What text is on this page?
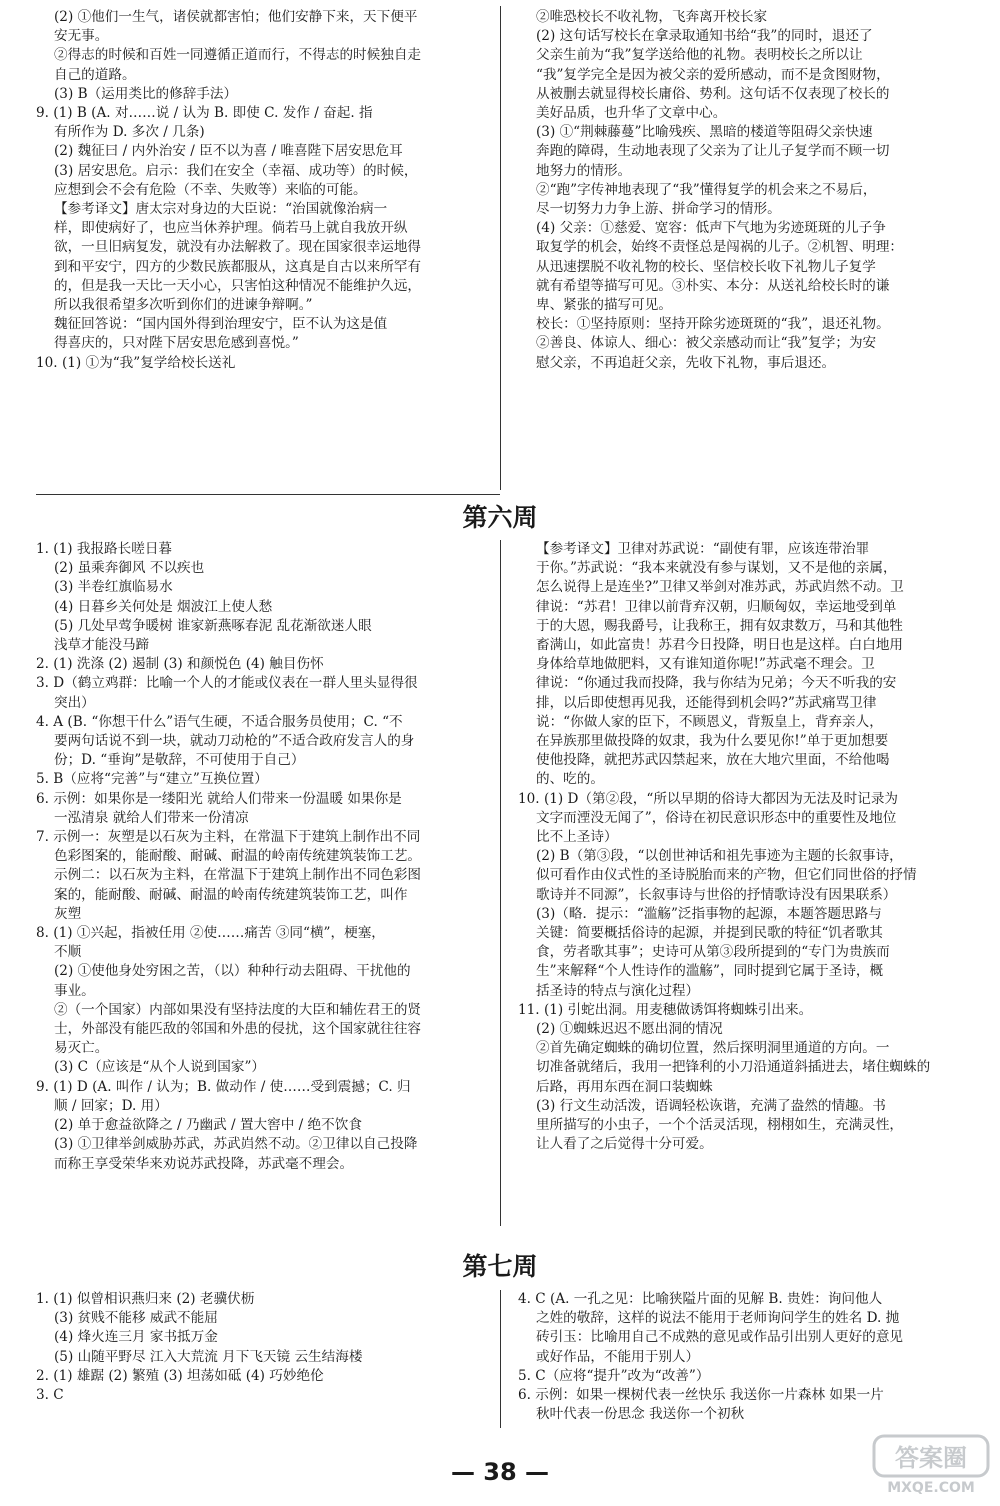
(2) ①他们一生气，诸侯就都害怕；他们安静下来，天下便平

安无事。

②得志的时候和百姓一同遵循正道而行，不得志的时候独自走

自己的道路。

(3) B（运用类比的修辞手法）

9. (1) B (A. 对……说 / 认为 B. 即使 C. 发作 / 奋起. 指

有所作为 D. 多次 / 几条)

(2) 魏征曰 / 内外治安 / 臣不以为喜 / 唯喜陛下居安思危耳

(3) 居安思危。启示：我们在安全（幸福、成功等）的时候，

应想到会不会有危险（不幸、失败等）来临的可能。

【参考译文】唐太宗对身边的大臣说：“治国就像治病一

样，即使病好了，也应当休养护理。倘若马上就自我放开纵

欲，一旦旧病复发，就没有办法解救了。现在国家很幸运地得

到和平安宁，四方的少数民族都服从，这真是自古以来所罕有

的，但是我一天比一天小心，只害怕这种情况不能维护久远，

所以我很希望多次听到你们的进谏争辩啊。”

魏征回答说：“国内国外得到治理安宁，臣不认为这是值

得喜庆的，只对陛下居安思危感到喜悦。”

10. (1) ①为“我”复学给校长送礼

②唯恐校长不收礼物，飞奔离开校长家

(2) 这句话写校长在拿录取通知书给“我”的同时，退还了

父亲生前为“我”复学送给他的礼物。表明校长之所以让

“我”复学完全是因为被父亲的爱所感动，而不是贪图财物，

从被删去就显得校长庸俗、势利。这句话不仅表现了校长的

美好品质，也升华了文章中心。

(3) ①“荆棘藤蔓”比喻残疾、黑暗的楼道等阻碍父亲快速

奔跑的障碍，生动地表现了父亲为了让儿子复学而不顾一切

地努力的情形。

②“跑”字传神地表现了“我”懂得复学的机会来之不易后，

尽一切努力力争上游、拼命学习的情形。

(4) 父亲：①慈爱、宽容：低声下气地为劣迹斑斑的儿子争

取复学的机会，始终不责怪总是闯祸的儿子。②机智、明理：

从迅速摆脱不收礼物的校长、坚信校长收下礼物儿子复学

就有希望等描写可见。③朴实、本分：从送礼给校长时的谦

卑、紧张的描写可见。

校长：①坚持原则：坚持开除劣迹斑斑的“我”，退还礼物。

②善良、体谅人、细心：被父亲感动而让“我”复学；为安

慰父亲，不再追赶父亲，先收下礼物，事后退还。

第六周

1. (1) 我报路长嗟日暮

(2) 虽乘奔御风 不以疾也

(3) 半卷红旗临易水

(4) 日暮乡关何处是 烟波江上使人愁

(5) 几处早莺争暖树 谁家新燕啄春泥 乱花渐欲迷人眼

浅草才能没马蹄

2. (1) 洗涤 (2) 遏制 (3) 和颜悦色 (4) 触目伤怀

3. D（鹤立鸡群：比喻一个人的才能或仪表在一群人里头显得很

突出）

4. A (B. “你想干什么”语气生硬，不适合服务员使用；C. “不

要两句话说不到一块，就动刀动枪的”不适合政府发言人的身

份；D. “垂询”是敬辞，不可使用于自己）

5. B（应将“完善”与“建立”互换位置）

6. 示例：如果你是一缕阳光 就给人们带来一份温暖 如果你是

一泓清泉 就给人们带来一份清凉

7. 示例一：灰塑是以石灰为主料，在常温下于建筑上制作出不同

色彩图案的，能耐酸、耐碱、耐温的岭南传统建筑装饰工艺。

示例二：以石灰为主料，在常温下于建筑上制作出不同色彩图

案的，能耐酸、耐碱、耐温的岭南传统建筑装饰工艺，叫作

灰塑

8. (1) ①兴起，指被任用 ②使……痛苦 ③同“横”，梗塞，

不顺

(2) ①使他身处穷困之苦，（以）种种行动去阻碍、干扰他的

事业。

②（一个国家）内部如果没有坚持法度的大臣和辅佐君王的贤

士，外部没有能匹敌的邻国和外患的侵扰，这个国家就往往容

易灭亡。

(3) C（应该是“从个人说到国家”）

9. (1) D (A. 叫作 / 认为；B. 做动作 / 使……受到震撼；C. 归

顺 / 回家；D. 用）

(2) 单于愈益欲降之 / 乃幽武 / 置大窖中 / 绝不饮食

(3) ①卫律举剑威胁苏武，苏武岿然不动。②卫律以自己投降

而称王享受荣华来劝说苏武投降，苏武毫不理会。

【参考译文】卫律对苏武说：“副使有罪，应该连带治罪

于你。”苏武说：“我本来就没有参与谋划，又不是他的亲属，

怎么说得上是连坐?”卫律又举剑对准苏武，苏武岿然不动。卫

律说：“苏君！卫律以前背弃汉朝，归顺匈奴，幸运地受到单

于的大恩，赐我爵号，让我称王，拥有奴隶数万，马和其他牲

畜满山，如此富贵！苏君今日投降，明日也是这样。白白地用

身体给草地做肥料，又有谁知道你呢!”苏武毫不理会。卫

律说：“你通过我而投降，我与你结为兄弟；今天不听我的安

排，以后即使想再见我，还能得到机会吗?”苏武痛骂卫律

说：“你做人家的臣下，不顾恩义，背叛皇上，背弃亲人，

在异族那里做投降的奴隶，我为什么要见你!”单于更加想要

使他投降，就把苏武囚禁起来，放在大地穴里面，不给他喝

的、吃的。

10. (1) D（第②段，“所以早期的俗诗大都因为无法及时记录为

文字而湮没无闻了”，俗诗在初民意识形态中的重要性及地位

比不上圣诗）

(2) B（第③段，“以创世神话和祖先事迹为主题的长叙事诗，

似可看作由仪式性的圣诗脱胎而来的产物，但它们同世俗的抒情

歌诗并不同源”，长叙事诗与世俗的抒情歌诗没有因果联系）

(3)（略．提示：“滥觞”泛指事物的起源，本题答题思路与

关键：简要概括俗诗的起源，并提到民歌的特征“饥者歌其

食，劳者歌其事”；史诗可从第③段所提到的“专门为贵族而

生”来解释“个人性诗作的滥觞”，同时提到它属于圣诗，概

括圣诗的特点与演化过程）

11. (1) 引蛇出洞。用麦穗做诱饵将蜘蛛引出来。

(2) ①蜘蛛迟迟不愿出洞的情况

②首先确定蜘蛛的确切位置，然后探明洞里通道的方向。一

切准备就绪后，我用一把锋利的小刀沿通道斜插进去，堵住蜘蛛的

后路，再用东西在洞口装蜘蛛

(3) 行文生动活泼，语调轻松诙谐，充满了盎然的情趣。书

里所描写的小虫子，一个个活灵活现，栩栩如生，充满灵性，

让人看了之后觉得十分可爱。

第七周

1. (1) 似曾相识燕归来 (2) 老骥伏枥

(3) 贫贱不能移 威武不能屈

(4) 烽火连三月 家书抵万金

(5) 山随平野尽 江入大荒流 月下飞天镜 云生结海楼

2. (1) 雄踞 (2) 繁殖 (3) 坦荡如砥 (4) 巧妙绝伦

3. C

4. C (A. 一孔之见：比喻狭隘片面的见解 B. 贵姓：询问他人

之姓的敬辞，这样的说法不能用于老师询问学生的姓名 D. 抛

砖引玉：比喻用自己不成熟的意见或作品引出别人更好的意见

或好作品，不能用于别人）

5. C（应将“提升”改为“改善”）

6. 示例：如果一棵树代表一丝快乐 我送你一片森林 如果一片

秋叶代表一份思念 我送你一个初秋

— 38 —	答案圈
MXQE.COM
